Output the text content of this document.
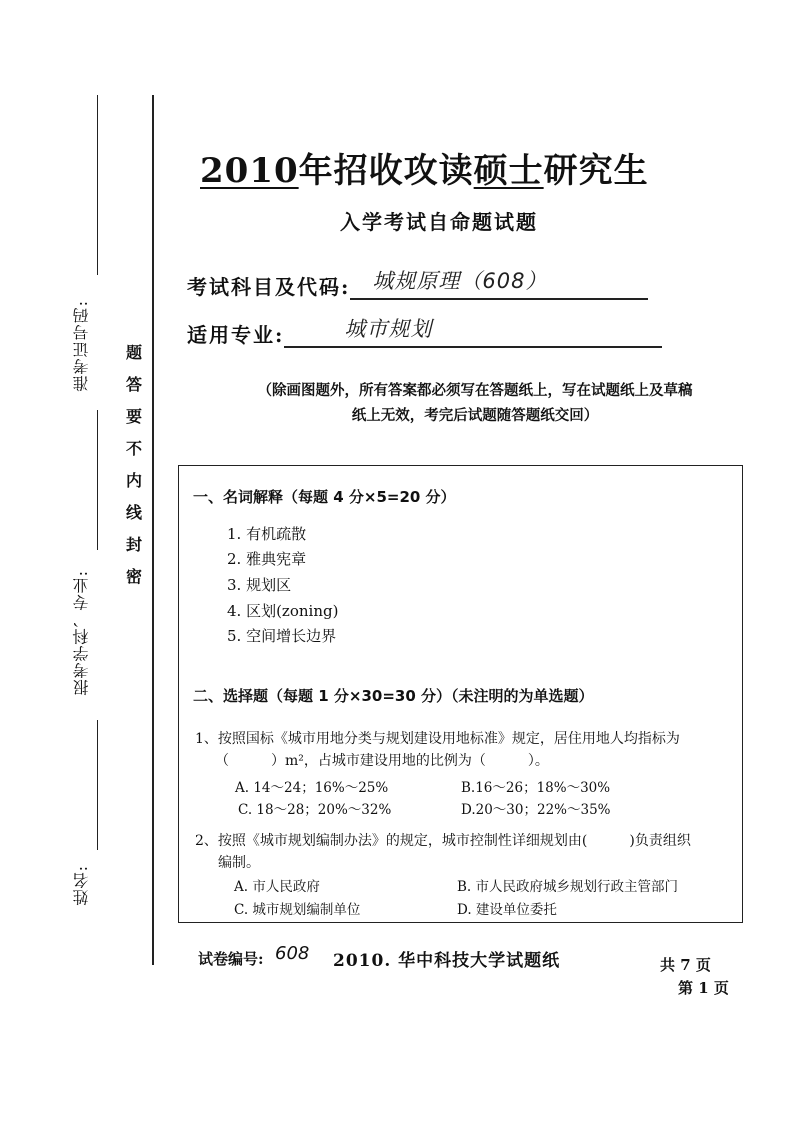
准考证号码:
报考学科、专业:
姓名:
题
答
要
不
内
线
封
密
2010年招收攻读硕士研究生
入学考试自命题试题
考试科目及代码: 城规原理（608）
适用专业:	城市规划
（除画图题外，所有答案都必须写在答题纸上，写在试题纸上及草稿纸上无效，考完后试题随答题纸交回）
一、名词解释（每题 4 分×5=20 分）
1. 有机疏散
2. 雅典宪章
3. 规划区
4. 区划(zoning)
5. 空间增长边界
二、选择题（每题 1 分×30=30 分）（未注明的为单选题）
1、按照国标《城市用地分类与规划建设用地标准》规定，居住用地人均指标为
（　　　）m²，占城市建设用地的比例为（　　　）。
A. 14～24；16%～25%	B.16～26；18%～30%
C. 18～28；20%～32%	D.20～30；22%～35%
2、按照《城市规划编制办法》的规定，城市控制性详细规划由(　　　)负责组织
编制。
A. 市人民政府	B. 市人民政府城乡规划行政主管部门
C. 城市规划编制单位	D. 建设单位委托
试卷编号: 608 2010. 华中科技大学试题纸	共 7 页
第 1 页
